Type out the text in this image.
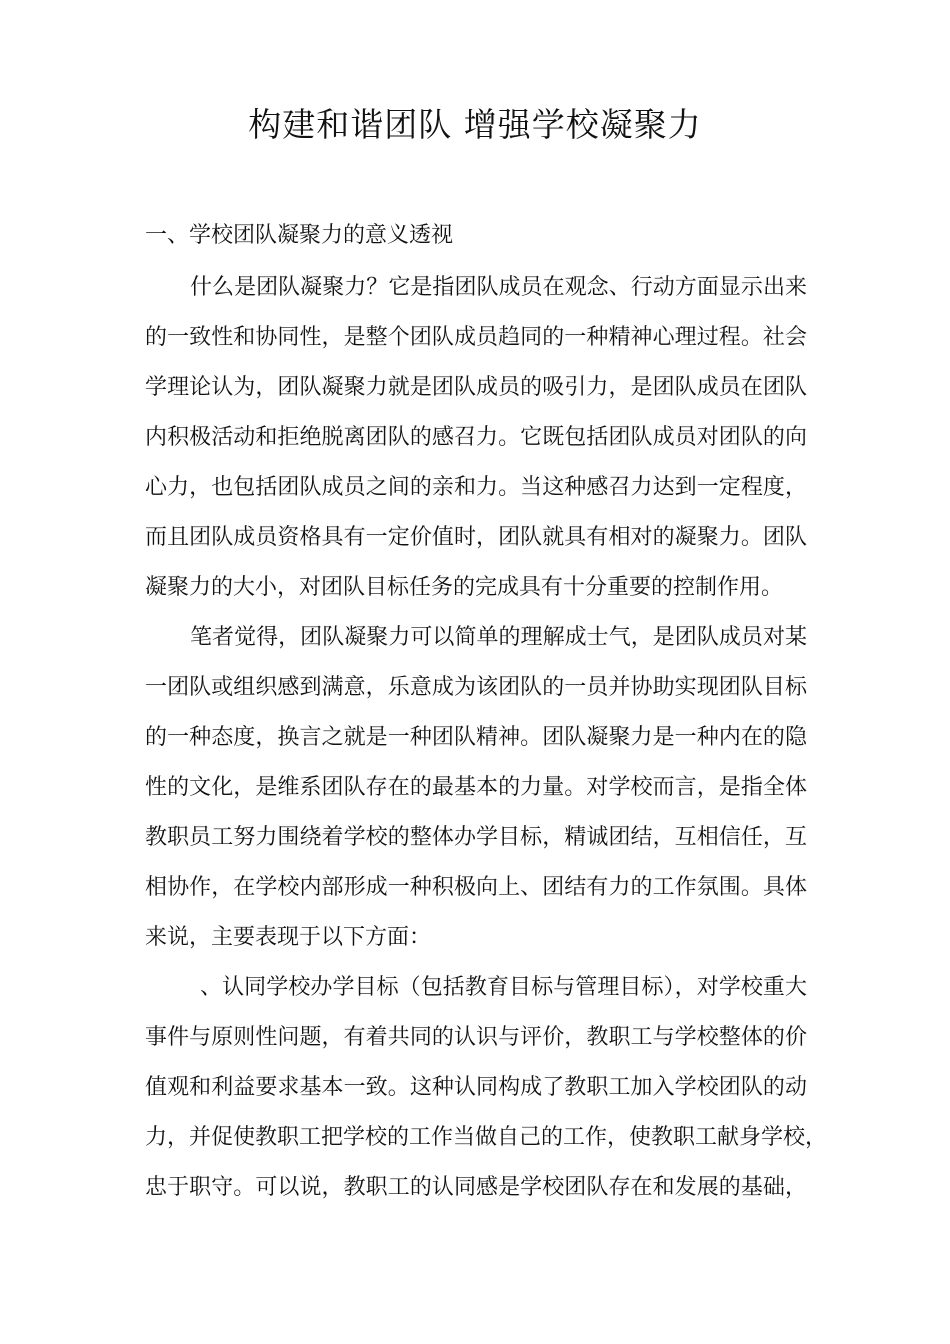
构建和谐团队 增强学校凝聚力
一、学校团队凝聚力的意义透视

什么是团队凝聚力？它是指团队成员在观念、行动方面显示出来

的一致性和协同性，是整个团队成员趋同的一种精神心理过程。社会

学理论认为，团队凝聚力就是团队成员的吸引力，是团队成员在团队

内积极活动和拒绝脱离团队的感召力。它既包括团队成员对团队的向

心力，也包括团队成员之间的亲和力。当这种感召力达到一定程度，

而且团队成员资格具有一定价值时，团队就具有相对的凝聚力。团队

凝聚力的大小，对团队目标任务的完成具有十分重要的控制作用。

笔者觉得，团队凝聚力可以简单的理解成士气，是团队成员对某

一团队或组织感到满意，乐意成为该团队的一员并协助实现团队目标

的一种态度，换言之就是一种团队精神。团队凝聚力是一种内在的隐

性的文化，是维系团队存在的最基本的力量。对学校而言，是指全体

教职员工努力围绕着学校的整体办学目标，精诚团结，互相信任，互

相协作，在学校内部形成一种积极向上、团结有力的工作氛围。具体

来说，主要表现于以下方面：

、认同学校办学目标（包括教育目标与管理目标），对学校重大

事件与原则性问题，有着共同的认识与评价，教职工与学校整体的价

值观和利益要求基本一致。这种认同构成了教职工加入学校团队的动

力，并促使教职工把学校的工作当做自己的工作，使教职工献身学校，

忠于职守。可以说，教职工的认同感是学校团队存在和发展的基础，
